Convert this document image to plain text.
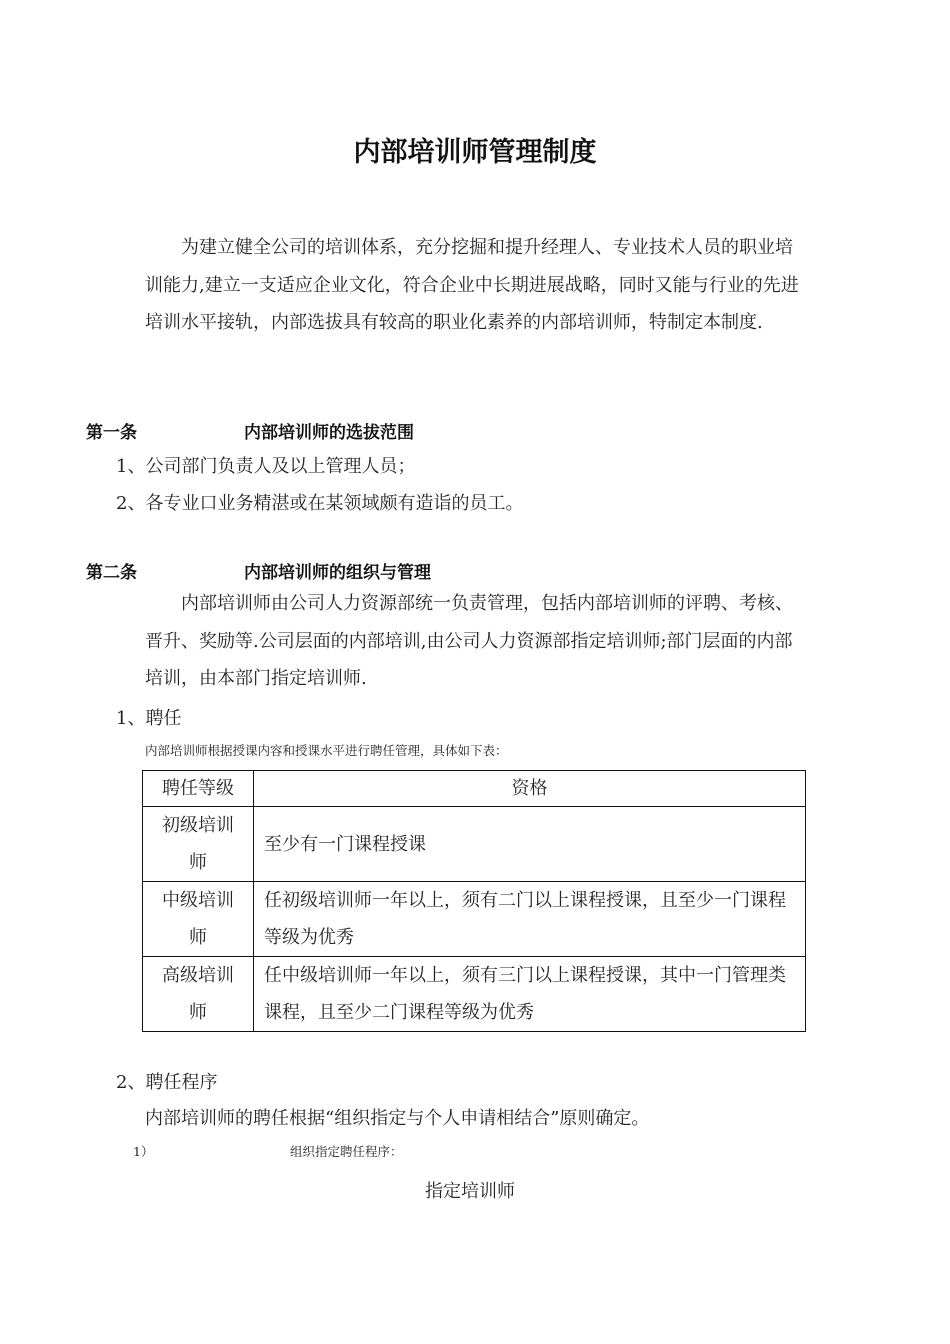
内部培训师管理制度

为建立健全公司的培训体系，充分挖掘和提升经理人、专业技术人员的职业培训能力,建立一支适应企业文化，符合企业中长期进展战略，同时又能与行业的先进培训水平接轨，内部选拔具有较高的职业化素养的内部培训师，特制定本制度.

第一条	内部培训师的选拔范围
1、公司部门负责人及以上管理人员；
2、各专业口业务精湛或在某领域颇有造诣的员工。
第二条	内部培训师的组织与管理

内部培训师由公司人力资源部统一负责管理，包括内部培训师的评聘、考核、晋升、奖励等.公司层面的内部培训,由公司人力资源部指定培训师;部门层面的内部培训，由本部门指定培训师.

1、聘任
内部培训师根据授课内容和授课水平进行聘任管理，具体如下表：
聘任等级	资格

初级培训师	至少有一门课程授课

中级培训师	任初级培训师一年以上，须有二门以上课程授课，且至少一门课程等级为优秀

高级培训师	任中级培训师一年以上，须有三门以上课程授课，其中一门管理类课程，且至少二门课程等级为优秀
2、聘任程序
内部培训师的聘任根据“组织指定与个人申请相结合”原则确定。
1）	组织指定聘任程序：
指定培训师
